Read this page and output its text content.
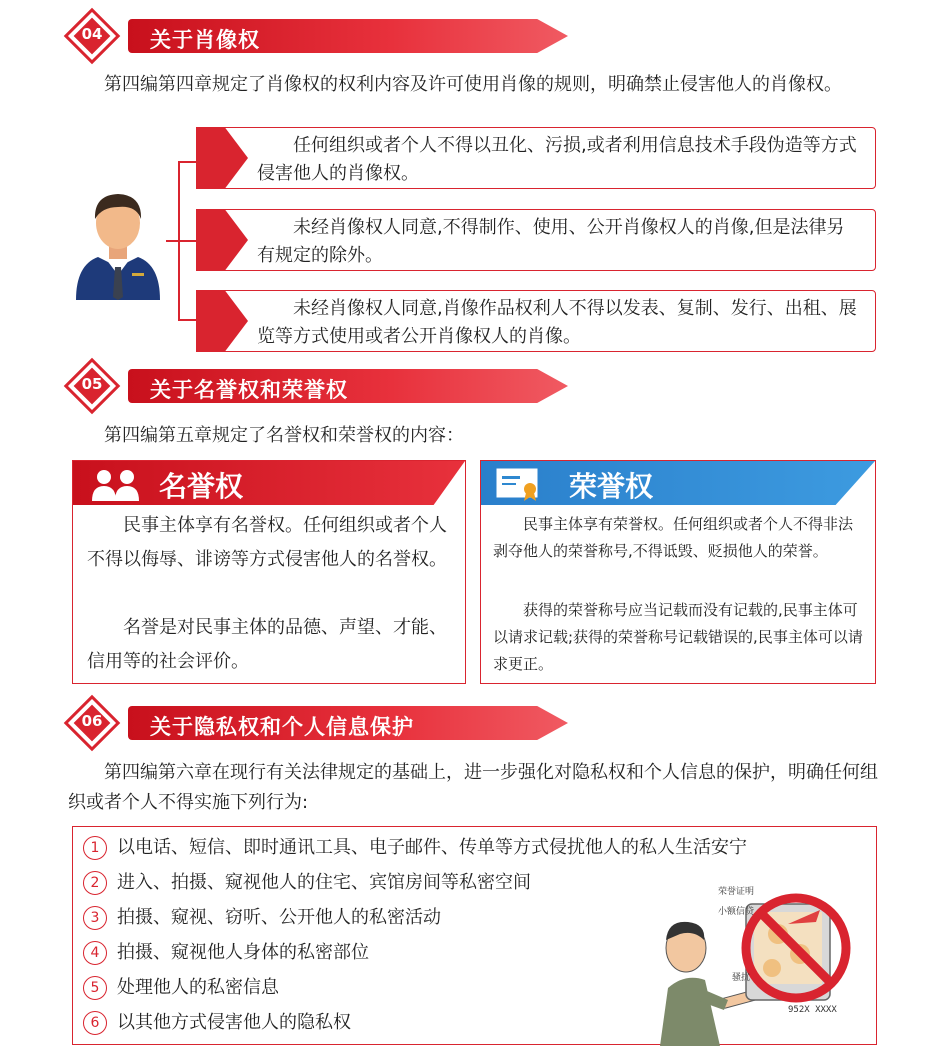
04	关于肖像权
第四编第四章规定了肖像权的权利内容及许可使用肖像的规则，明确禁止侵害他人的肖像权。
任何组织或者个人不得以丑化、污损,或者利用信息技术手段伪造等方式侵害他人的肖像权。
未经肖像权人同意,不得制作、使用、公开肖像权人的肖像,但是法律另有规定的除外。
未经肖像权人同意,肖像作品权利人不得以发表、复制、发行、出租、展览等方式使用或者公开肖像权人的肖像。
05	关于名誉权和荣誉权
第四编第五章规定了名誉权和荣誉权的内容：
名誉权
民事主体享有名誉权。任何组织或者个人不得以侮辱、诽谤等方式侵害他人的名誉权。
名誉是对民事主体的品德、声望、才能、信用等的社会评价。
荣誉权
民事主体享有荣誉权。任何组织或者个人不得非法剥夺他人的荣誉称号,不得诋毁、贬损他人的荣誉。
获得的荣誉称号应当记载而没有记载的,民事主体可以请求记载;获得的荣誉称号记载错误的,民事主体可以请求更正。
06	关于隐私权和个人信息保护
第四编第六章在现行有关法律规定的基础上，进一步强化对隐私权和个人信息的保护，明确任何组织或者个人不得实施下列行为:
1 以电话、短信、即时通讯工具、电子邮件、传单等方式侵扰他人的私人生活安宁
2 进入、拍摄、窥视他人的住宅、宾馆房间等私密空间
3 拍摄、窥视、窃听、公开他人的私密活动
4 拍摄、窥视他人身体的私密部位
5 处理他人的私密信息
6 以其他方式侵害他人的隐私权
荣誉证明
小额信贷
骚扰
952X XXXX
